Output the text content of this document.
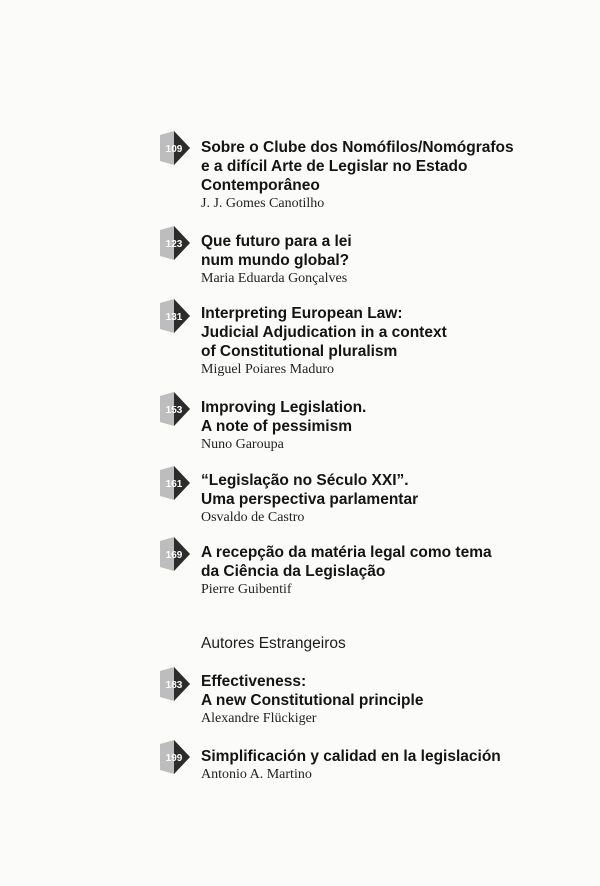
109 Sobre o Clube dos Nomófilos/Nomógrafos
e a difícil Arte de Legislar no Estado
Contemporâneo
J. J. Gomes Canotilho
123 Que futuro para a lei
num mundo global?
Maria Eduarda Gonçalves
131 Interpreting European Law:
Judicial Adjudication in a context
of Constitutional pluralism
Miguel Poiares Maduro
153 Improving Legislation.
A note of pessimism
Nuno Garoupa
161 “Legislação no Século XXI”.
Uma perspectiva parlamentar
Osvaldo de Castro
169 A recepção da matéria legal como tema
da Ciência da Legislação
Pierre Guibentif
Autores Estrangeiros
183 Effectiveness:
A new Constitutional principle
Alexandre Flückiger
199 Simplificación y calidad en la legislación
Antonio A. Martino
